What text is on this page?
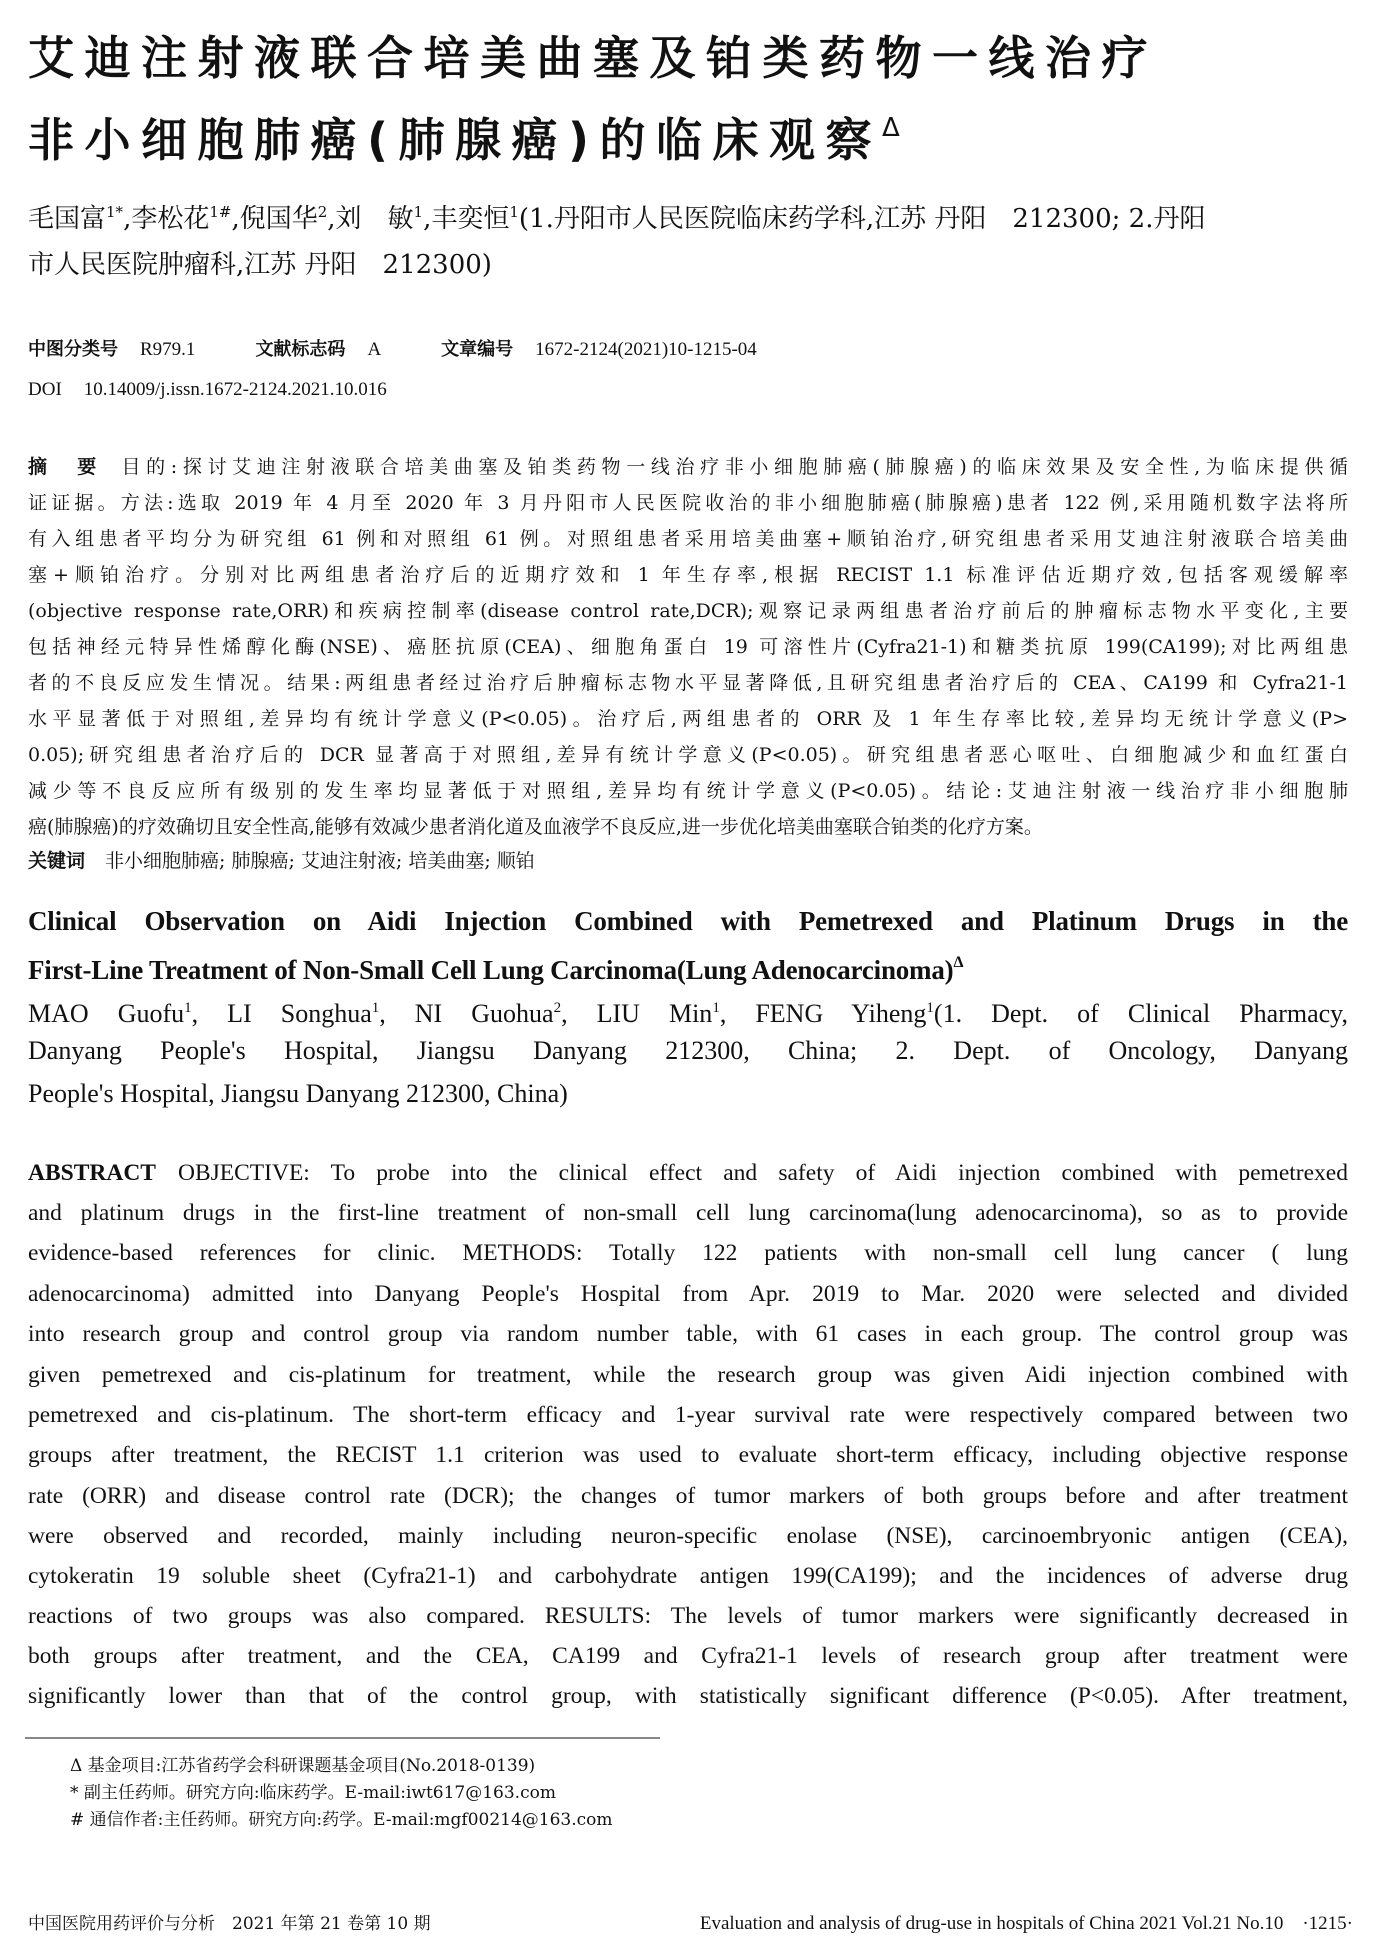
艾迪注射液联合培美曲塞及铂类药物一线治疗
非小细胞肺癌(肺腺癌)的临床观察$^\Delta$
毛国富$^{1*}$,李松花$^{1\#}$,倪国华$^2$,刘　敏$^1$,丰奕恒$^1$(1.丹阳市人民医院临床药学科,江苏 丹阳　212300; 2.丹阳
市人民医院肿瘤科,江苏 丹阳　212300)
中图分类号 R979.1	文献标志码 A	文章编号 1672-2124(2021)10-1215-04
DOI 10.14009/j.issn.1672-2124.2021.10.016
摘　要 目的:探讨艾迪注射液联合培美曲塞及铂类药物一线治疗非小细胞肺癌(肺腺癌)的临床效果及安全性,为临床提供循
证证据。方法:选取 2019 年 4 月至 2020 年 3 月丹阳市人民医院收治的非小细胞肺癌(肺腺癌)患者 122 例,采用随机数字法将所
有入组患者平均分为研究组 61 例和对照组 61 例。对照组患者采用培美曲塞+顺铂治疗,研究组患者采用艾迪注射液联合培美曲
塞+顺铂治疗。分别对比两组患者治疗后的近期疗效和 1 年生存率,根据 RECIST 1.1 标准评估近期疗效,包括客观缓解率
(objective response rate,ORR)和疾病控制率(disease control rate,DCR);观察记录两组患者治疗前后的肿瘤标志物水平变化,主要
包括神经元特异性烯醇化酶(NSE)、癌胚抗原(CEA)、细胞角蛋白 19 可溶性片(Cyfra21-1)和糖类抗原 199(CA199);对比两组患
者的不良反应发生情况。结果:两组患者经过治疗后肿瘤标志物水平显著降低,且研究组患者治疗后的 CEA、CA199 和 Cyfra21-1
水平显著低于对照组,差异均有统计学意义(P<0.05)。治疗后,两组患者的 ORR 及 1 年生存率比较,差异均无统计学意义(P>
0.05);研究组患者治疗后的 DCR 显著高于对照组,差异有统计学意义(P<0.05)。研究组患者恶心呕吐、白细胞减少和血红蛋白
减少等不良反应所有级别的发生率均显著低于对照组,差异均有统计学意义(P<0.05)。结论:艾迪注射液一线治疗非小细胞肺
癌(肺腺癌)的疗效确切且安全性高,能够有效减少患者消化道及血液学不良反应,进一步优化培美曲塞联合铂类的化疗方案。
关键词 非小细胞肺癌; 肺腺癌; 艾迪注射液; 培美曲塞; 顺铂
Clinical Observation on Aidi Injection Combined with Pemetrexed and Platinum Drugs in the
First-Line Treatment of Non-Small Cell Lung Carcinoma(Lung Adenocarcinoma)$^\Delta$
MAO Guofu$^1$, LI Songhua$^1$, NI Guohua$^2$, LIU Min$^1$, FENG Yiheng$^1$(1. Dept. of Clinical Pharmacy,
Danyang People's Hospital, Jiangsu Danyang 212300, China; 2. Dept. of Oncology, Danyang
People's Hospital, Jiangsu Danyang 212300, China)
ABSTRACT OBJECTIVE: To probe into the clinical effect and safety of Aidi injection combined with pemetrexed
and platinum drugs in the first-line treatment of non-small cell lung carcinoma(lung adenocarcinoma), so as to provide
evidence-based references for clinic. METHODS: Totally 122 patients with non-small cell lung cancer ( lung
adenocarcinoma) admitted into Danyang People's Hospital from Apr. 2019 to Mar. 2020 were selected and divided
into research group and control group via random number table, with 61 cases in each group. The control group was
given pemetrexed and cis-platinum for treatment, while the research group was given Aidi injection combined with
pemetrexed and cis-platinum. The short-term efficacy and 1-year survival rate were respectively compared between two
groups after treatment, the RECIST 1.1 criterion was used to evaluate short-term efficacy, including objective response
rate (ORR) and disease control rate (DCR); the changes of tumor markers of both groups before and after treatment
were observed and recorded, mainly including neuron-specific enolase (NSE), carcinoembryonic antigen (CEA),
cytokeratin 19 soluble sheet (Cyfra21-1) and carbohydrate antigen 199(CA199); and the incidences of adverse drug
reactions of two groups was also compared. RESULTS: The levels of tumor markers were significantly decreased in
both groups after treatment, and the CEA, CA199 and Cyfra21-1 levels of research group after treatment were
significantly lower than that of the control group, with statistically significant difference (P<0.05). After treatment,
Δ 基金项目:江苏省药学会科研课题基金项目(No.2018-0139)
* 副主任药师。研究方向:临床药学。E-mail:iwt617@163.com
# 通信作者:主任药师。研究方向:药学。E-mail:mgf00214@163.com
中国医院用药评价与分析　2021 年第 21 卷第 10 期	Evaluation and analysis of drug-use in hospitals of China 2021 Vol.21 No.10　·1215·
